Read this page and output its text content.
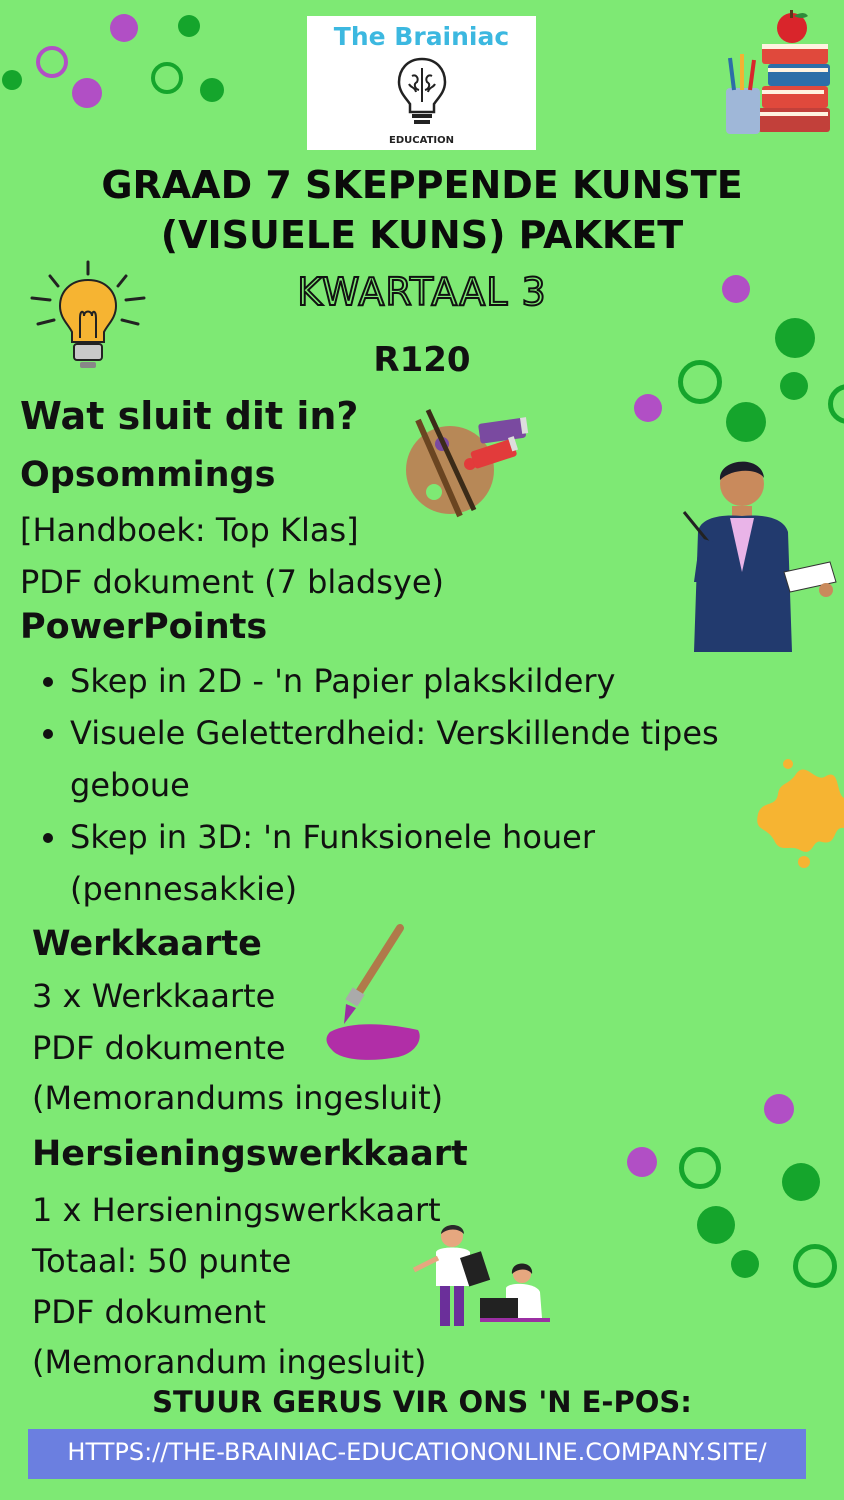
The Brainiac
EDUCATION
GRAAD 7 SKEPPENDE KUNSTE
(VISUELE KUNS) PAKKET
KWARTAAL 3
R120
Wat sluit dit in?
Opsommings
[Handboek: Top Klas]
PDF dokument (7 bladsye)
PowerPoints
• Skep in 2D - 'n Papier plakskildery
• Visuele Geletterdheid: Verskillende tipes geboue
• Skep in 3D: 'n Funksionele houer (pennesakkie)
Werkkaarte
3 x Werkkaarte
PDF dokumente
(Memorandums ingesluit)
Hersieningswerkkaart
1 x Hersieningswerkkaart
Totaal: 50 punte
PDF dokument
(Memorandum ingesluit)
STUUR GERUS VIR ONS 'N E-POS:
HTTPS://THE-BRAINIAC-EDUCATIONONLINE.COMPANY.SITE/
